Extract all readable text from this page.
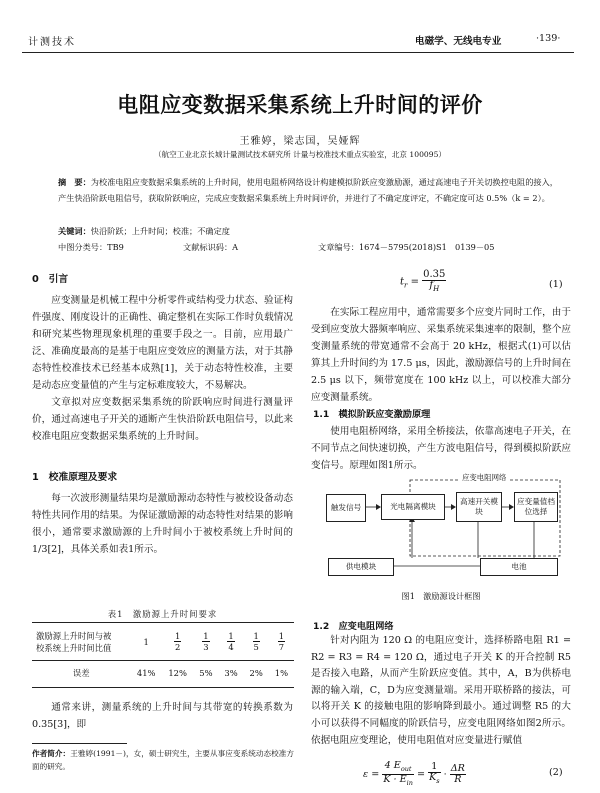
计测技术	电磁学、无线电专业	·139·
电阻应变数据采集系统上升时间的评价
王雅婷，梁志国，吴娅辉
（航空工业北京长城计量测试技术研究所 计量与校准技术重点实验室，北京 100095）
摘　要：为校准电阻应变数据采集系统的上升时间，使用电阻桥网络设计构建模拟阶跃应变激励源，通过高速电子开关切换控电阻的接入，产生快沿阶跃电阻信号，获取阶跃响应，完成应变数据采集系统上升时间评价，并进行了不确定度评定，不确定度可达 0.5%（k = 2）。
关键词：快沿阶跃；上升时间；校准；不确定度
中图分类号：TB9	文献标识码：A	文章编号：1674－5795(2018)S1　0139－05
0　引言

应变测量是机械工程中分析零件或结构受力状态、验证构件强度、刚度设计的正确性、确定整机在实际工作时负载情况和研究某些物理现象机理的重要手段之一。目前，应用最广泛、准确度最高的是基于电阻应变效应的测量方法，对于其静态特性校准技术已经基本成熟[1]，关于动态特性校准，主要是动态应变量值的产生与定标难度较大，不易解决。

文章拟对应变数据采集系统的阶跃响应时间进行测量评价，通过高速电子开关的通断产生快沿阶跃电阻信号，以此来校准电阻应变数据采集系统的上升时间。

1　校准原理及要求

每一次波形测量结果均是激励源动态特性与被校设备动态特性共同作用的结果。为保证激励源的动态特性对结果的影响很小，通常要求激励源的上升时间小于被校系统上升时间的 1/3[2]，具体关系如表1所示。

表1　激励源上升时间要求
激励源上升时间与被
校系统上升时间比值	1	$\frac{1}{2}$	$\frac{1}{3}$	$\frac{1}{4}$	$\frac{1}{5}$	$\frac{1}{7}$

误差	41%	12%	5%	3%	2%	1%

通常来讲，测量系统的上升时间与其带宽的转换系数为 0.35[3]，即

作者简介：王雅婷(1991－)，女，硕士研究生，主要从事应变系统动态校准方面的研究。
$t_r = \frac{0.35}{f_H}$	(1)

在实际工程应用中，通常需要多个应变片同时工作，由于受到应变放大器频率响应、采集系统采集速率的限制，整个应变测量系统的带宽通常不会高于 20 kHz，根据式(1)可以估算其上升时间约为 17.5 μs，因此，激励源信号的上升时间在 2.5 μs 以下，频带宽度在 100 kHz 以上，可以校准大部分应变测量系统。

1.1　模拟阶跃应变激励原理

使用电阻桥网络，采用全桥接法，依靠高速电子开关，在不同节点之间快速切换，产生方波电阻信号，得到模拟阶跃应变信号。原理如图1所示。

应变电阻网络
触发信号	光电隔离模块
高速开关模块
应变量值档位选择
供电模块	电池
图1　激励源设计框图
1.2　应变电阻网络

针对内阻为 120 Ω 的电阻应变计，选择桥路电阻 R1 = R2 = R3 = R4 = 120 Ω，通过电子开关 K 的开合控制 R5 是否接入电路，从而产生阶跃应变值。其中，A，B为供桥电源的输入端，C，D为应变测量端。采用开联桥路的接法，可以将开关 K 的接触电阻的影响降到最小。通过调整 R5 的大小可以获得不同幅度的阶跃信号，应变电阻网络如图2所示。依据电阻应变理论，使用电阻值对应变量进行赋值

$\varepsilon = \frac{4 E_{out}}{K \cdot E_{in}} = \frac{1}{K_s} \cdot \frac{\Delta R}{R}$	(2)
